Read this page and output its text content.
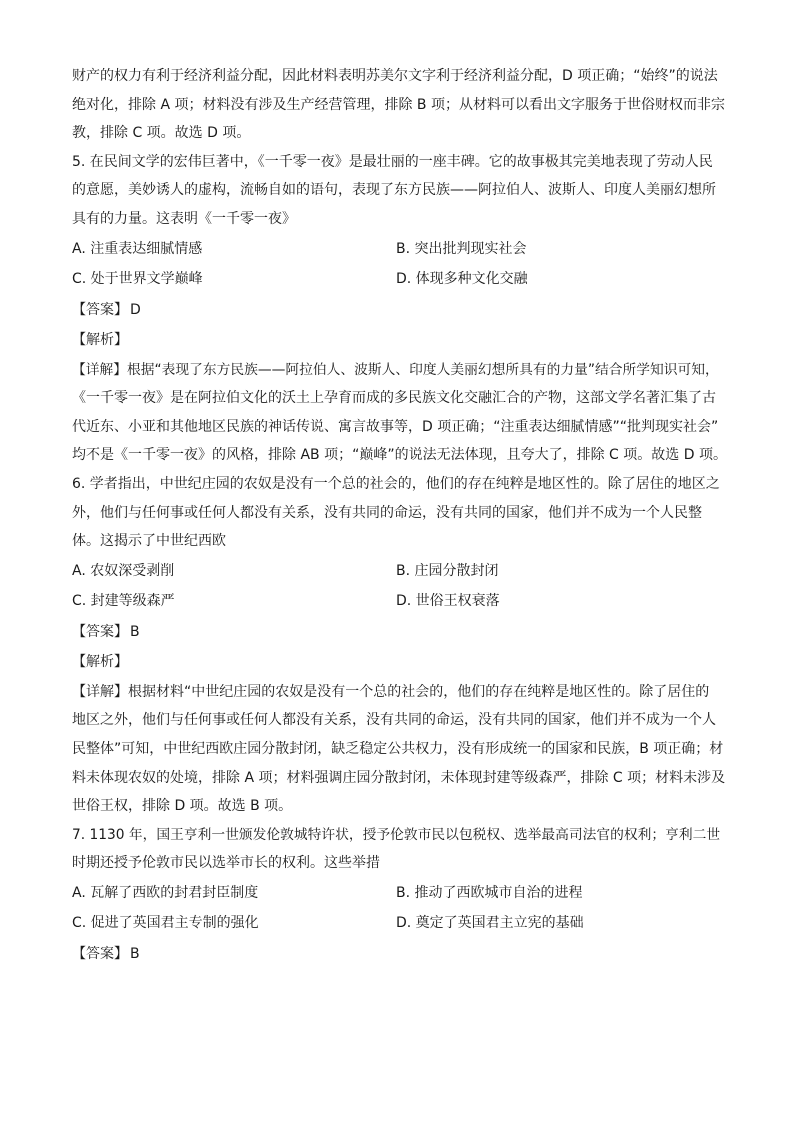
财产的权力有利于经济利益分配，因此材料表明苏美尔文字利于经济利益分配，D 项正确；“始终”的说法
绝对化，排除 A 项；材料没有涉及生产经营管理，排除 B 项；从材料可以看出文字服务于世俗财权而非宗
教，排除 C 项。故选 D 项。
5. 在民间文学的宏伟巨著中，《一千零一夜》是最壮丽的一座丰碑。它的故事极其完美地表现了劳动人民
的意愿，美妙诱人的虚构，流畅自如的语句，表现了东方民族——阿拉伯人、波斯人、印度人美丽幻想所
具有的力量。这表明《一千零一夜》
A. 注重表达细腻情感	B. 突出批判现实社会
C. 处于世界文学巅峰	D. 体现多种文化交融
【答案】 D
【解析】
【详解】根据“表现了东方民族——阿拉伯人、波斯人、印度人美丽幻想所具有的力量”结合所学知识可知，
《一千零一夜》是在阿拉伯文化的沃土上孕育而成的多民族文化交融汇合的产物，这部文学名著汇集了古
代近东、小亚和其他地区民族的神话传说、寓言故事等，D 项正确；“注重表达细腻情感”“批判现实社会”
均不是《一千零一夜》的风格，排除 AB 项；“巅峰”的说法无法体现，且夸大了，排除 C 项。故选 D 项。
6. 学者指出，中世纪庄园的农奴是没有一个总的社会的，他们的存在纯粹是地区性的。除了居住的地区之
外，他们与任何事或任何人都没有关系，没有共同的命运，没有共同的国家，他们并不成为一个人民整
体。这揭示了中世纪西欧
A. 农奴深受剥削	B. 庄园分散封闭
C. 封建等级森严	D. 世俗王权衰落
【答案】 B
【解析】
【详解】根据材料“中世纪庄园的农奴是没有一个总的社会的，他们的存在纯粹是地区性的。除了居住的
地区之外，他们与任何事或任何人都没有关系，没有共同的命运，没有共同的国家，他们并不成为一个人
民整体”可知，中世纪西欧庄园分散封闭，缺乏稳定公共权力，没有形成统一的国家和民族，B 项正确；材
料未体现农奴的处境，排除 A 项；材料强调庄园分散封闭，未体现封建等级森严，排除 C 项；材料未涉及
世俗王权，排除 D 项。故选 B 项。
7. 1130 年，国王亨利一世颁发伦敦城特许状，授予伦敦市民以包税权、选举最高司法官的权利；亨利二世
时期还授予伦敦市民以选举市长的权利。这些举措
A. 瓦解了西欧的封君封臣制度	B. 推动了西欧城市自治的进程
C. 促进了英国君主专制的强化	D. 奠定了英国君主立宪的基础
【答案】 B
